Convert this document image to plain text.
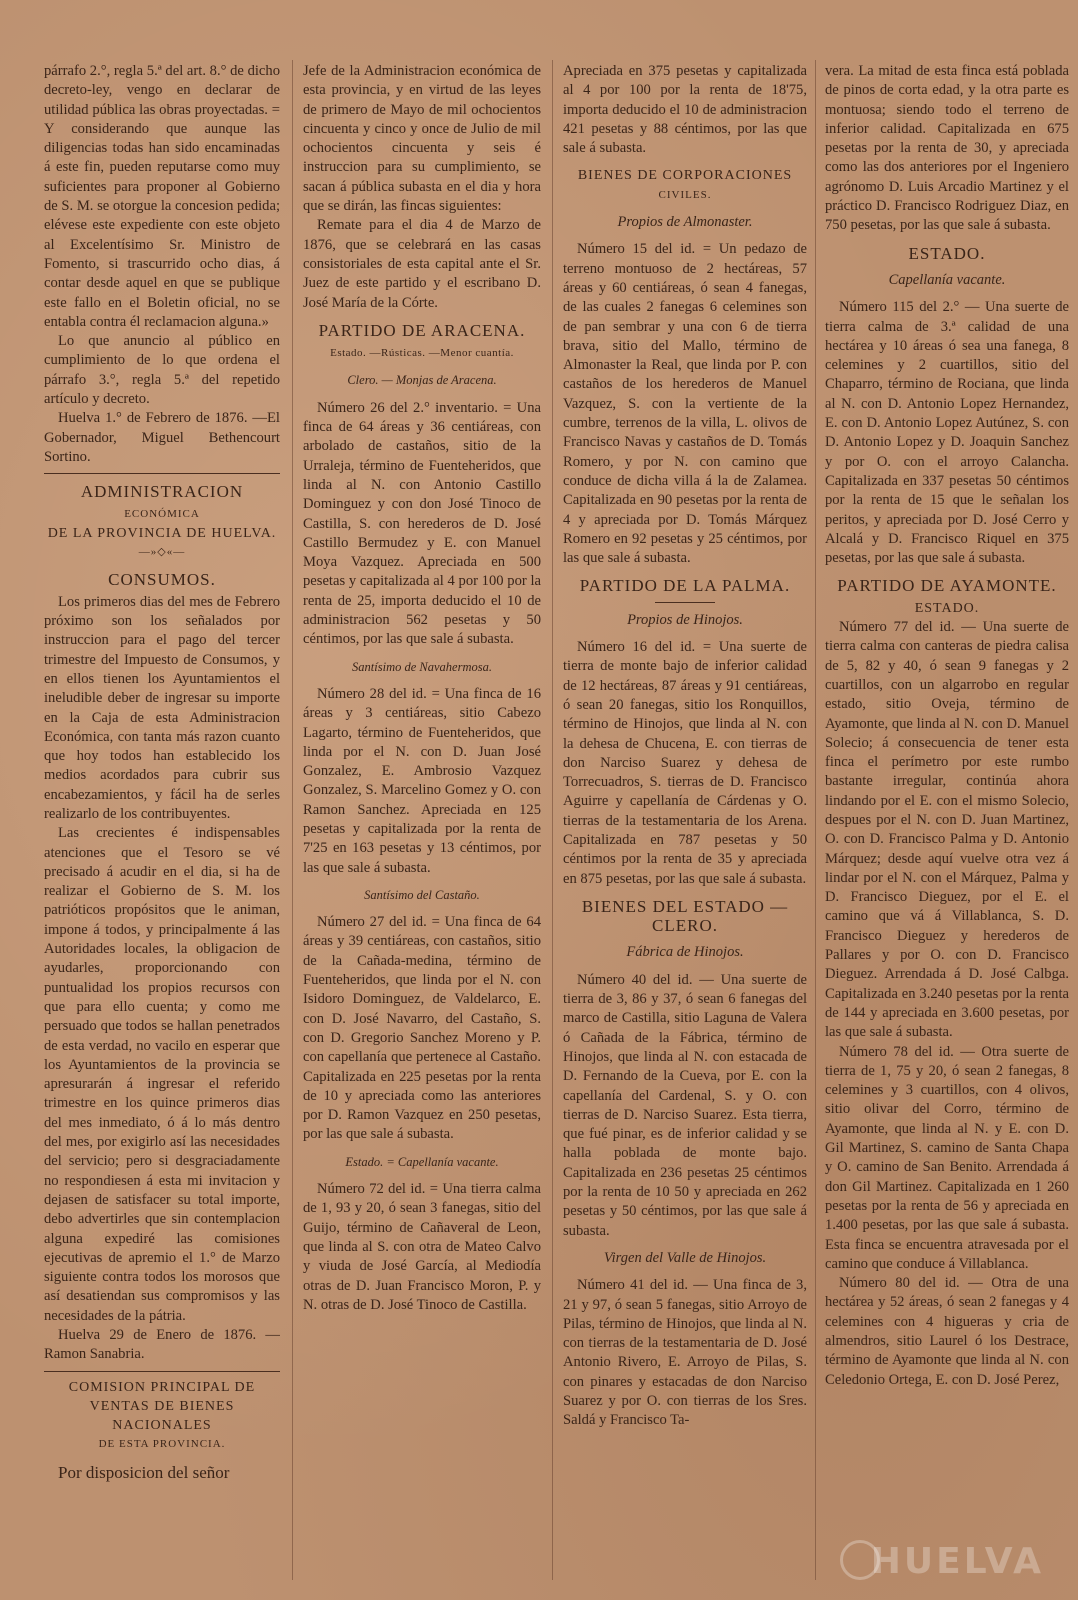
párrafo 2.°, regla 5.ª del art. 8.° de dicho decreto-ley, vengo en declarar de utilidad pública las obras proyectadas. = Y considerando que aunque las diligencias todas han sido encaminadas á este fin, pueden reputarse como muy suficientes para proponer al Gobierno de S. M. se otorgue la concesion pedida; elévese este expediente con este objeto al Excelentísimo Sr. Ministro de Fomento, si trascurrido ocho dias, á contar desde aquel en que se publique este fallo en el Boletin oficial, no se entabla contra él reclamacion alguna.»

Lo que anuncio al público en cumplimiento de lo que ordena el párrafo 3.°, regla 5.ª del repetido artículo y decreto.

Huelva 1.° de Febrero de 1876. —El Gobernador, Miguel Bethencourt Sortino.

ADMINISTRACION
ECONÓMICA
DE LA PROVINCIA DE HUELVA.
—»◇«—
CONSUMOS.

Los primeros dias del mes de Febrero próximo son los señalados por instruccion para el pago del tercer trimestre del Impuesto de Consumos, y en ellos tienen los Ayuntamientos el ineludible deber de ingresar su importe en la Caja de esta Administracion Económica, con tanta más razon cuanto que hoy todos han establecido los medios acordados para cubrir sus encabezamientos, y fácil ha de serles realizarlo de los contribuyentes.

Las crecientes é indispensables atenciones que el Tesoro se vé precisado á acudir en el dia, si ha de realizar el Gobierno de S. M. los patrióticos propósitos que le animan, impone á todos, y principalmente á las Autoridades locales, la obligacion de ayudarles, proporcionando con puntualidad los propios recursos con que para ello cuenta; y como me persuado que todos se hallan penetrados de esta verdad, no vacilo en esperar que los Ayuntamientos de la provincia se apresurarán á ingresar el referido trimestre en los quince primeros dias del mes inmediato, ó á lo más dentro del mes, por exigirlo así las necesidades del servicio; pero si desgraciadamente no respondiesen á esta mi invitacion y dejasen de satisfacer su total importe, debo advertirles que sin contemplacion alguna expediré las comisiones ejecutivas de apremio el 1.° de Marzo siguiente contra todos los morosos que así desatiendan sus compromisos y las necesidades de la pátria.

Huelva 29 de Enero de 1876. —Ramon Sanabria.

COMISION PRINCIPAL DE VENTAS DE BIENES NACIONALES
DE ESTA PROVINCIA.

Por disposicion del señor

Jefe de la Administracion económica de esta provincia, y en virtud de las leyes de primero de Mayo de mil ochocientos cincuenta y cinco y once de Julio de mil ochocientos cincuenta y seis é instruccion para su cumplimiento, se sacan á pública subasta en el dia y hora que se dirán, las fincas siguientes:

Remate para el dia 4 de Marzo de 1876, que se celebrará en las casas consistoriales de esta capital ante el Sr. Juez de este partido y el escribano D. José María de la Córte.

PARTIDO DE ARACENA.
Estado. —Rústicas. —Menor cuantía.
Clero. — Monjas de Aracena.

Número 26 del 2.° inventario. = Una finca de 64 áreas y 36 centiáreas, con arbolado de castaños, sitio de la Urraleja, término de Fuenteheridos, que linda al N. con Antonio Castillo Dominguez y con don José Tinoco de Castilla, S. con herederos de D. José Castillo Bermudez y E. con Manuel Moya Vazquez. Apreciada en 500 pesetas y capitalizada al 4 por 100 por la renta de 25, importa deducido el 10 de administracion 562 pesetas y 50 céntimos, por las que sale á subasta.

Santísimo de Navahermosa.

Número 28 del id. = Una finca de 16 áreas y 3 centiáreas, sitio Cabezo Lagarto, término de Fuenteheridos, que linda por el N. con D. Juan José Gonzalez, E. Ambrosio Vazquez Gonzalez, S. Marcelino Gomez y O. con Ramon Sanchez. Apreciada en 125 pesetas y capitalizada por la renta de 7'25 en 163 pesetas y 13 céntimos, por las que sale á subasta.

Santísimo del Castaño.

Número 27 del id. = Una finca de 64 áreas y 39 centiáreas, con castaños, sitio de la Cañada-medina, término de Fuenteheridos, que linda por el N. con Isidoro Dominguez, de Valdelarco, E. con D. José Navarro, del Castaño, S. con D. Gregorio Sanchez Moreno y P. con capellanía que pertenece al Castaño. Capitalizada en 225 pesetas por la renta de 10 y apreciada como las anteriores por D. Ramon Vazquez en 250 pesetas, por las que sale á subasta.

Estado. = Capellanía vacante.

Número 72 del id. = Una tierra calma de 1, 93 y 20, ó sean 3 fanegas, sitio del Guijo, término de Cañaveral de Leon, que linda al S. con otra de Mateo Calvo y viuda de José García, al Mediodía otras de D. Juan Francisco Moron, P. y N. otras de D. José Tinoco de Castilla.

Apreciada en 375 pesetas y capitalizada al 4 por 100 por la renta de 18'75, importa deducido el 10 de administracion 421 pesetas y 88 céntimos, por las que sale á subasta.

BIENES DE CORPORACIONES
CIVILES.
Propios de Almonaster.

Número 15 del id. = Un pedazo de terreno montuoso de 2 hectáreas, 57 áreas y 60 centiáreas, ó sean 4 fanegas, de las cuales 2 fanegas 6 celemines son de pan sembrar y una con 6 de tierra brava, sitio del Mallo, término de Almonaster la Real, que linda por P. con castaños de los herederos de Manuel Vazquez, S. con la vertiente de la cumbre, terrenos de la villa, L. olivos de Francisco Navas y castaños de D. Tomás Romero, y por N. con camino que conduce de dicha villa á la de Zalamea. Capitalizada en 90 pesetas por la renta de 4 y apreciada por D. Tomás Márquez Romero en 92 pesetas y 25 céntimos, por las que sale á subasta.

PARTIDO DE LA PALMA.
Propios de Hinojos.

Número 16 del id. = Una suerte de tierra de monte bajo de inferior calidad de 12 hectáreas, 87 áreas y 91 centiáreas, ó sean 20 fanegas, sitio los Ronquillos, término de Hinojos, que linda al N. con la dehesa de Chucena, E. con tierras de don Narciso Suarez y dehesa de Torrecuadros, S. tierras de D. Francisco Aguirre y capellanía de Cárdenas y O. tierras de la testamentaria de los Arena. Capitalizada en 787 pesetas y 50 céntimos por la renta de 35 y apreciada en 875 pesetas, por las que sale á subasta.

BIENES DEL ESTADO —CLERO.
Fábrica de Hinojos.

Número 40 del id. — Una suerte de tierra de 3, 86 y 37, ó sean 6 fanegas del marco de Castilla, sitio Laguna de Valera ó Cañada de la Fábrica, término de Hinojos, que linda al N. con estacada de D. Fernando de la Cueva, por E. con la capellanía del Cardenal, S. y O. con tierras de D. Narciso Suarez. Esta tierra, que fué pinar, es de inferior calidad y se halla poblada de monte bajo. Capitalizada en 236 pesetas 25 céntimos por la renta de 10 50 y apreciada en 262 pesetas y 50 céntimos, por las que sale á subasta.

Virgen del Valle de Hinojos.

Número 41 del id. — Una finca de 3, 21 y 97, ó sean 5 fanegas, sitio Arroyo de Pilas, término de Hinojos, que linda al N. con tierras de la testamentaria de D. José Antonio Rivero, E. Arroyo de Pilas, S. con pinares y estacadas de don Narciso Suarez y por O. con tierras de los Sres. Saldá y Francisco Ta-

vera. La mitad de esta finca está poblada de pinos de corta edad, y la otra parte es montuosa; siendo todo el terreno de inferior calidad. Capitalizada en 675 pesetas por la renta de 30, y apreciada como las dos anteriores por el Ingeniero agrónomo D. Luis Arcadio Martinez y el práctico D. Francisco Rodriguez Diaz, en 750 pesetas, por las que sale á subasta.

ESTADO.
Capellanía vacante.

Número 115 del 2.° — Una suerte de tierra calma de 3.ª calidad de una hectárea y 10 áreas ó sea una fanega, 8 celemines y 2 cuartillos, sitio del Chaparro, término de Rociana, que linda al N. con D. Antonio Lopez Hernandez, E. con D. Antonio Lopez Autúnez, S. con D. Antonio Lopez y D. Joaquin Sanchez y por O. con el arroyo Calancha. Capitalizada en 337 pesetas 50 céntimos por la renta de 15 que le señalan los peritos, y apreciada por D. José Cerro y Alcalá y D. Francisco Riquel en 375 pesetas, por las que sale á subasta.

PARTIDO DE AYAMONTE.
ESTADO.

Número 77 del id. — Una suerte de tierra calma con canteras de piedra calisa de 5, 82 y 40, ó sean 9 fanegas y 2 cuartillos, con un algarrobo en regular estado, sitio Oveja, término de Ayamonte, que linda al N. con D. Manuel Solecio; á consecuencia de tener esta finca el perímetro por este rumbo bastante irregular, continúa ahora lindando por el E. con el mismo Solecio, despues por el N. con D. Juan Martinez, O. con D. Francisco Palma y D. Antonio Márquez; desde aquí vuelve otra vez á lindar por el N. con el Márquez, Palma y D. Francisco Dieguez, por el E. el camino que vá á Villablanca, S. D. Francisco Dieguez y herederos de Pallares y por O. con D. Francisco Dieguez. Arrendada á D. José Calbga. Capitalizada en 3.240 pesetas por la renta de 144 y apreciada en 3.600 pesetas, por las que sale á subasta.

Número 78 del id. — Otra suerte de tierra de 1, 75 y 20, ó sean 2 fanegas, 8 celemines y 3 cuartillos, con 4 olivos, sitio olivar del Corro, término de Ayamonte, que linda al N. y E. con D. Gil Martinez, S. camino de Santa Chapa y O. camino de San Benito. Arrendada á don Gil Martinez. Capitalizada en 1 260 pesetas por la renta de 56 y apreciada en 1.400 pesetas, por las que sale á subasta. Esta finca se encuentra atravesada por el camino que conduce á Villablanca.

Número 80 del id. — Otra de una hectárea y 52 áreas, ó sean 2 fanegas y 4 celemines con 4 higueras y cria de almendros, sitio Laurel ó los Destrace, término de Ayamonte que linda al N. con Celedonio Ortega, E. con D. José Perez,

HUELVA
